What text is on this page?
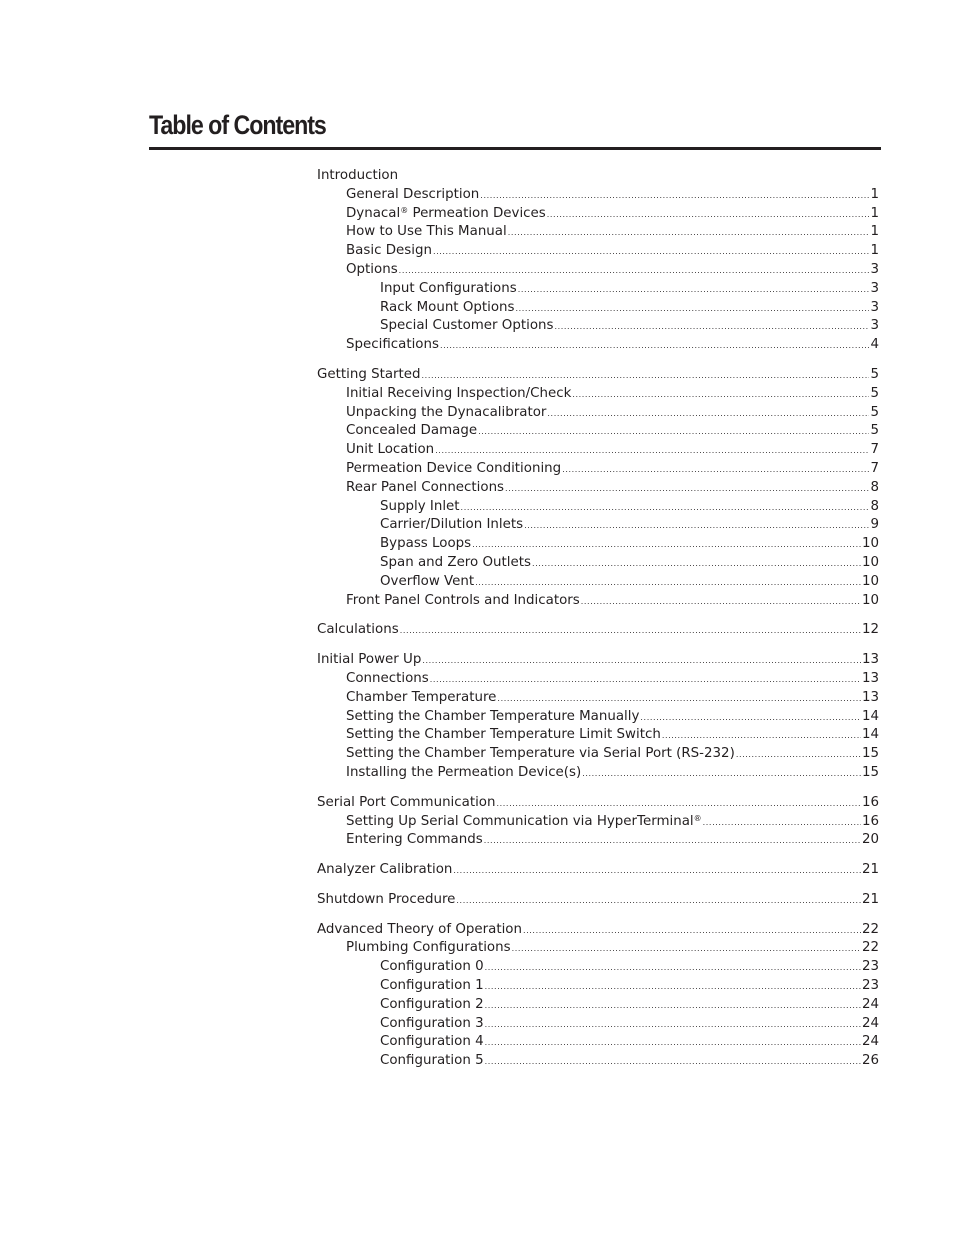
Table of Contents
Introduction
General Description .....	1
Dynacal® Permeation Devices .....	1
How to Use This Manual .....	1
Basic Design .....	1
Options .....	3
Input Configurations .....	3
Rack Mount Options .....	3
Special Customer Options .....	3
Specifications .....	4
Getting Started .....	5
Initial Receiving Inspection/Check .....	5
Unpacking the Dynacalibrator .....	5
Concealed Damage .....	5
Unit Location .....	7
Permeation Device Conditioning .....	7
Rear Panel Connections .....	8
Supply Inlet .....	8
Carrier/Dilution Inlets .....	9
Bypass Loops .....	10
Span and Zero Outlets .....	10
Overflow Vent .....	10
Front Panel Controls and Indicators .....	10
Calculations .....	12
Initial Power Up .....	13
Connections .....	13
Chamber Temperature .....	13
Setting the Chamber Temperature Manually .....	14
Setting the Chamber Temperature Limit Switch .....	14
Setting the Chamber Temperature via Serial Port (RS-232) .....	15
Installing the Permeation Device(s) .....	15
Serial Port Communication .....	16
Setting Up Serial Communication via HyperTerminal® .....	16
Entering Commands .....	20
Analyzer Calibration .....	21
Shutdown Procedure .....	21
Advanced Theory of Operation .....	22
Plumbing Configurations .....	22
Configuration 0 .....	23
Configuration 1 .....	23
Configuration 2 .....	24
Configuration 3 .....	24
Configuration 4 .....	24
Configuration 5 .....	26
